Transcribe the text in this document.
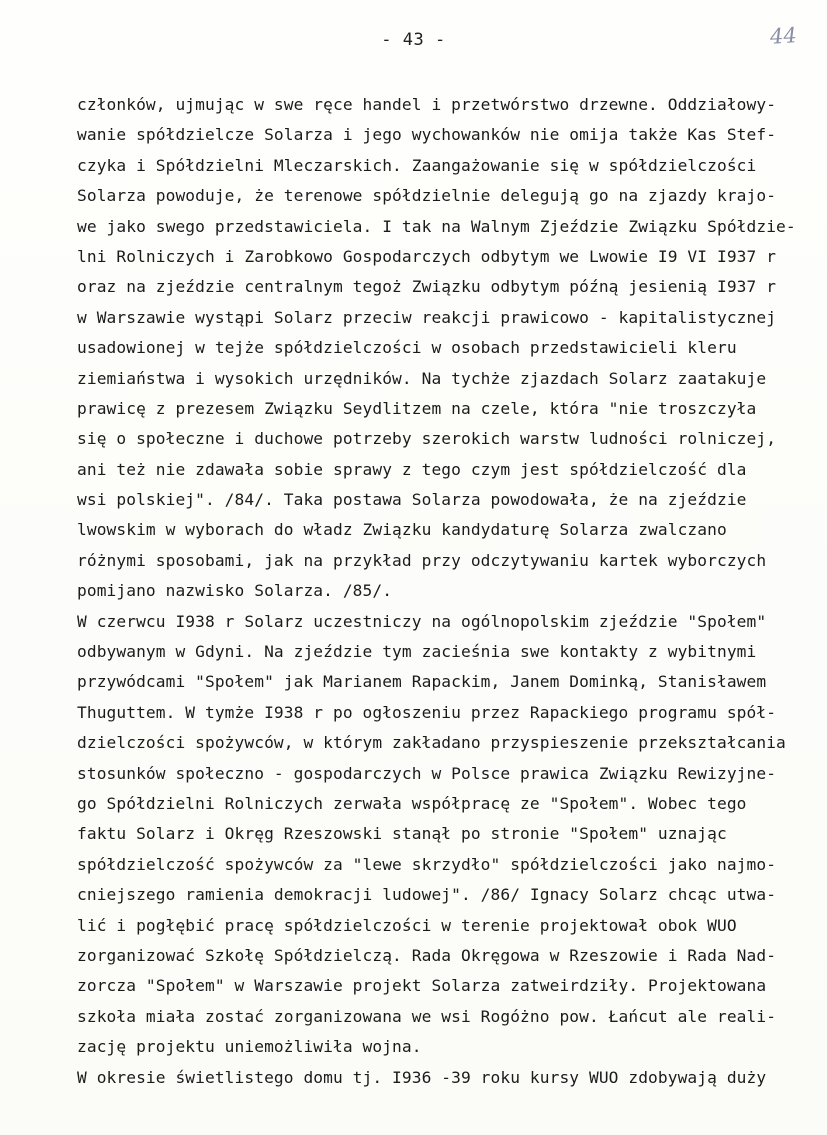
- 43 -	44
członków, ujmując w swe ręce handel i przetwórstwo drzewne. Oddziałowy-
wanie spółdzielcze Solarza i jego wychowanków nie omija także Kas Stef-
czyka i Spółdzielni Mleczarskich. Zaangażowanie się w spółdzielczości
Solarza powoduje, że terenowe spółdzielnie delegują go na zjazdy krajo-
we jako swego przedstawiciela. I tak na Walnym Zjeździe Związku Spółdzie-
lni Rolniczych i Zarobkowo Gospodarczych odbytym we Lwowie I9 VI I937 r
oraz na zjeździe centralnym tegoż Związku odbytym późną jesienią I937 r
w Warszawie wystąpi Solarz przeciw reakcji prawicowo - kapitalistycznej
usadowionej w tejże spółdzielczości w osobach przedstawicieli kleru
ziemiaństwa i wysokich urzędników. Na tychże zjazdach Solarz zaatakuje
prawicę z prezesem Związku Seydlitzem na czele, która "nie troszczyła
się o społeczne i duchowe potrzeby szerokich warstw ludności rolniczej,
ani też nie zdawała sobie sprawy z tego czym jest spółdzielczość dla
wsi polskiej". /84/. Taka postawa Solarza powodowała, że na zjeździe
lwowskim w wyborach do władz Związku kandydaturę Solarza zwalczano
różnymi sposobami, jak na przykład przy odczytywaniu kartek wyborczych
pomijano nazwisko Solarza. /85/.
W czerwcu I938 r Solarz uczestniczy na ogólnopolskim zjeździe "Społem"
odbywanym w Gdyni. Na zjeździe tym zacieśnia swe kontakty z wybitnymi
przywódcami "Społem" jak Marianem Rapackim, Janem Dominką, Stanisławem
Thuguttem. W tymże I938 r po ogłoszeniu przez Rapackiego programu spół-
dzielczości spożywców, w którym zakładano przyspieszenie przekształcania
stosunków społeczno - gospodarczych w Polsce prawica Związku Rewizyjne-
go Spółdzielni Rolniczych zerwała współpracę ze "Społem". Wobec tego
faktu Solarz i Okręg Rzeszowski stanął po stronie "Społem" uznając
spółdzielczość spożywców za "lewe skrzydło" spółdzielczości jako najmo-
cniejszego ramienia demokracji ludowej". /86/ Ignacy Solarz chcąc utwa-
lić i pogłębić pracę spółdzielczości w terenie projektował obok WUO
zorganizować Szkołę Spółdzielczą. Rada Okręgowa w Rzeszowie i Rada Nad-
zorcza "Społem" w Warszawie projekt Solarza zatweirdziły. Projektowana
szkoła miała zostać zorganizowana we wsi Rogóżno pow. Łańcut ale reali-
zację projektu uniemożliwiła wojna.
W okresie świetlistego domu tj. I936 -39 roku kursy WUO zdobywają duży
